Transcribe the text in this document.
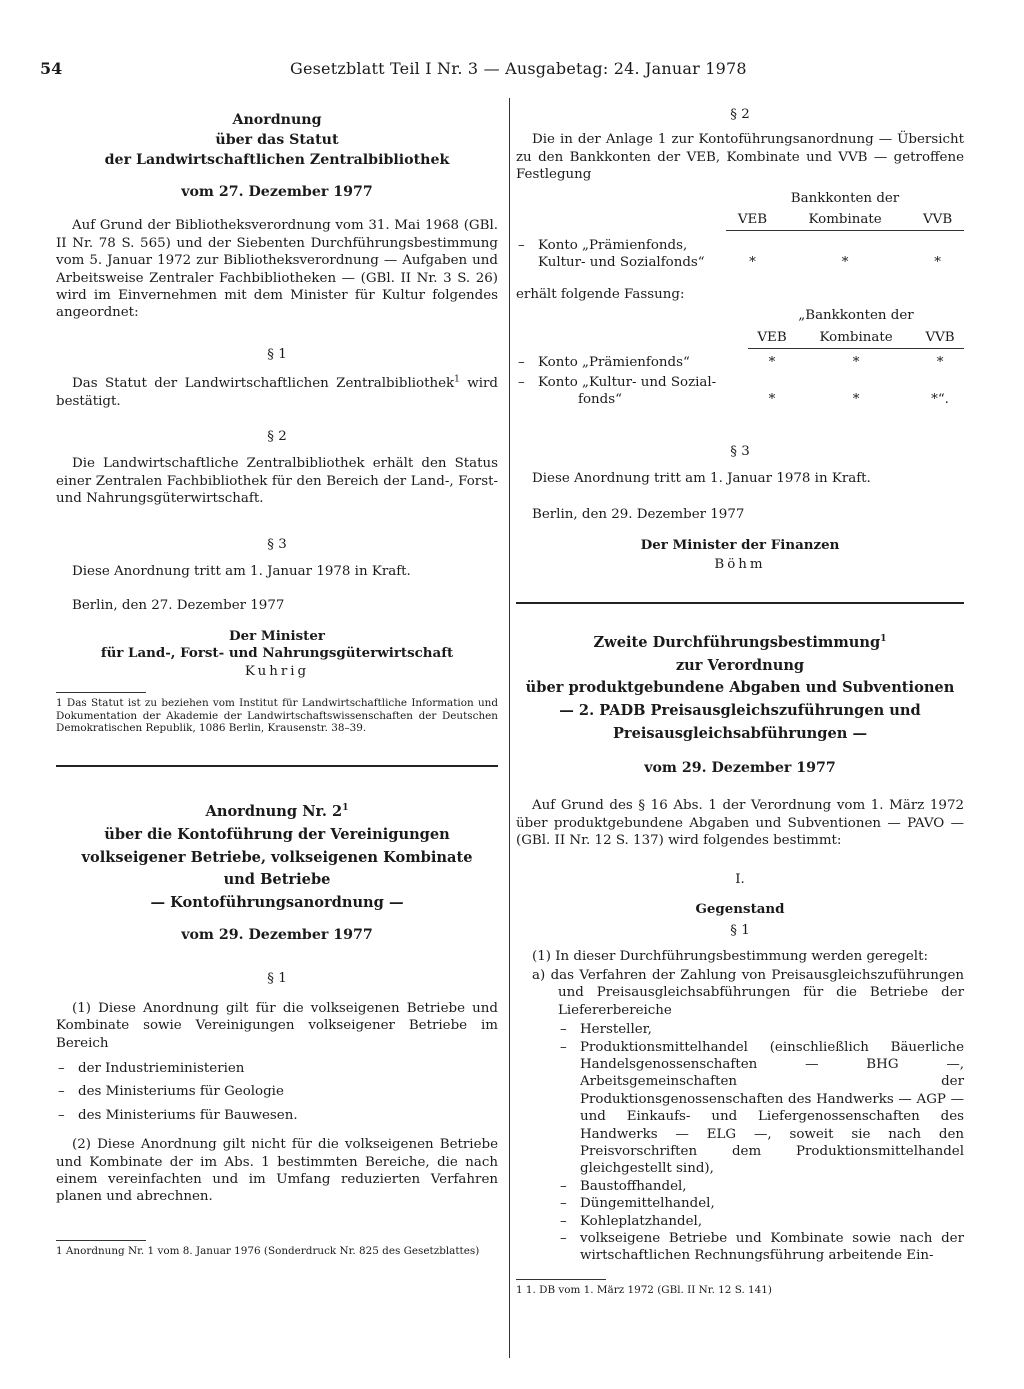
54	Gesetzblatt Teil I Nr. 3 — Ausgabetag: 24. Januar 1978
Anordnung
über das Statut
der Landwirtschaftlichen Zentralbibliothek
vom 27. Dezember 1977

Auf Grund der Bibliotheksverordnung vom 31. Mai 1968 (GBl. II Nr. 78 S. 565) und der Siebenten Durchführungsbestimmung vom 5. Januar 1972 zur Bibliotheksverordnung — Aufgaben und Arbeitsweise Zentraler Fachbibliotheken — (GBl. II Nr. 3 S. 26) wird im Einvernehmen mit dem Minister für Kultur folgendes angeordnet:

§ 1

Das Statut der Landwirtschaftlichen Zentralbibliothek$^1$ wird bestätigt.

§ 2

Die Landwirtschaftliche Zentralbibliothek erhält den Status einer Zentralen Fachbibliothek für den Bereich der Land-, Forst- und Nahrungsgüterwirtschaft.

§ 3

Diese Anordnung tritt am 1. Januar 1978 in Kraft.

Berlin, den 27. Dezember 1977

Der Minister
für Land-, Forst- und Nahrungsgüterwirtschaft
Kuhrig
1 Das Statut ist zu beziehen vom Institut für Landwirtschaftliche Information und Dokumentation der Akademie der Landwirtschaftswissenschaften der Deutschen Demokratischen Republik, 1086 Berlin, Krausenstr. 38–39.
Anordnung Nr. $2^1$
über die Kontoführung der Vereinigungen
volkseigener Betriebe, volkseigenen Kombinate
und Betriebe
— Kontoführungsanordnung —
vom 29. Dezember 1977
§ 1

(1) Diese Anordnung gilt für die volkseigenen Betriebe und Kombinate sowie Vereinigungen volkseigener Betriebe im Bereich

– der Industrieministerien
– des Ministeriums für Geologie
– des Ministeriums für Bauwesen.

(2) Diese Anordnung gilt nicht für die volkseigenen Betriebe und Kombinate der im Abs. 1 bestimmten Bereiche, die nach einem vereinfachten und im Umfang reduzierten Verfahren planen und abrechnen.

1 Anordnung Nr. 1 vom 8. Januar 1976 (Sonderdruck Nr. 825 des Gesetzblattes)
§ 2

Die in der Anlage 1 zur Kontoführungsanordnung — Übersicht zu den Bankkonten der VEB, Kombinate und VVB — getroffene Festlegung

	Bankkonten der		
	VEB	Kombinate	VVB

– Konto „Prämienfonds,
Kultur- und Sozialfonds“	*	*	*

erhält folgende Fassung:

	„Bankkonten der		
	VEB	Kombinate	VVB

– Konto „Prämienfonds“	*	*	*

– Konto „Kultur- und Sozial-
fonds“	*	*	*“.
§ 3

Diese Anordnung tritt am 1. Januar 1978 in Kraft.

Berlin, den 29. Dezember 1977

Der Minister der Finanzen
Böhm
Zweite Durchführungsbestimmung$^1$
zur Verordnung
über produktgebundene Abgaben und Subventionen
— 2. PADB Preisausgleichszuführungen und
Preisausgleichsabführungen —
vom 29. Dezember 1977

Auf Grund des § 16 Abs. 1 der Verordnung vom 1. März 1972 über produktgebundene Abgaben und Subventionen — PAVO — (GBl. II Nr. 12 S. 137) wird folgendes bestimmt:

I.
Gegenstand
§ 1

(1) In dieser Durchführungsbestimmung werden geregelt:

a) das Verfahren der Zahlung von Preisausgleichszuführungen und Preisausgleichsabführungen für die Betriebe der Liefererbereiche

– Hersteller,
– Produktionsmittelhandel (einschließlich Bäuerliche Handelsgenossenschaften — BHG —, Arbeitsgemeinschaften der Produktionsgenossenschaften des Handwerks — AGP — und Einkaufs- und Liefergenossenschaften des Handwerks — ELG —, soweit sie nach den Preisvorschriften dem Produktionsmittelhandel gleichgestellt sind),
– Baustoffhandel,
– Düngemittelhandel,
– Kohleplatzhandel,
– volkseigene Betriebe und Kombinate sowie nach der wirtschaftlichen Rechnungsführung arbeitende Ein-
1 1. DB vom 1. März 1972 (GBl. II Nr. 12 S. 141)
